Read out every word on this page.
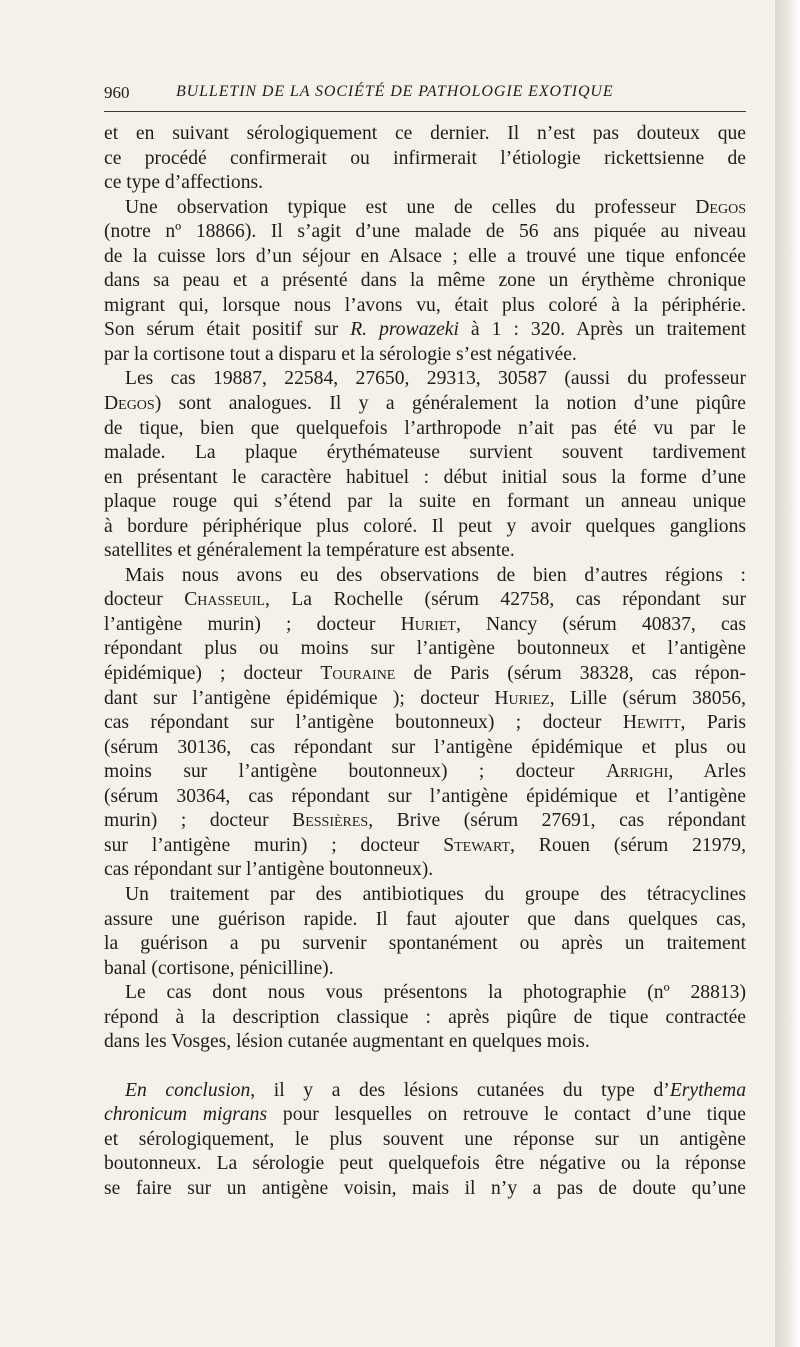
960	BULLETIN DE LA SOCIÉTÉ DE PATHOLOGIE EXOTIQUE
et en suivant sérologiquement ce dernier. Il n’est pas douteux que
ce procédé confirmerait ou infirmerait l’étiologie rickettsienne de
ce type d’affections.
Une observation typique est une de celles du professeur Degos
(notre nº 18866). Il s’agit d’une malade de 56 ans piquée au niveau
de la cuisse lors d’un séjour en Alsace ; elle a trouvé une tique enfoncée
dans sa peau et a présenté dans la même zone un érythème chronique
migrant qui, lorsque nous l’avons vu, était plus coloré à la périphérie.
Son sérum était positif sur R. prowazeki à 1 : 320. Après un traitement
par la cortisone tout a disparu et la sérologie s’est négativée.
Les cas 19887, 22584, 27650, 29313, 30587 (aussi du professeur
Degos) sont analogues. Il y a généralement la notion d’une piqûre
de tique, bien que quelquefois l’arthropode n’ait pas été vu par le
malade. La plaque érythémateuse survient souvent tardivement
en présentant le caractère habituel : début initial sous la forme d’une
plaque rouge qui s’étend par la suite en formant un anneau unique
à bordure périphérique plus coloré. Il peut y avoir quelques ganglions
satellites et généralement la température est absente.
Mais nous avons eu des observations de bien d’autres régions :
docteur Chasseuil, La Rochelle (sérum 42758, cas répondant sur
l’antigène murin) ; docteur Huriet, Nancy (sérum 40837, cas
répondant plus ou moins sur l’antigène boutonneux et l’antigène
épidémique) ; docteur Touraine de Paris (sérum 38328, cas répon-
dant sur l’antigène épidémique ); docteur Huriez, Lille (sérum 38056,
cas répondant sur l’antigène boutonneux) ; docteur Hewitt, Paris
(sérum 30136, cas répondant sur l’antigène épidémique et plus ou
moins sur l’antigène boutonneux) ; docteur Arrighi, Arles
(sérum 30364, cas répondant sur l’antigène épidémique et l’antigène
murin) ; docteur Bessières, Brive (sérum 27691, cas répondant
sur l’antigène murin) ; docteur Stewart, Rouen (sérum 21979,
cas répondant sur l’antigène boutonneux).
Un traitement par des antibiotiques du groupe des tétracyclines
assure une guérison rapide. Il faut ajouter que dans quelques cas,
la guérison a pu survenir spontanément ou après un traitement
banal (cortisone, pénicilline).
Le cas dont nous vous présentons la photographie (nº 28813)
répond à la description classique : après piqûre de tique contractée
dans les Vosges, lésion cutanée augmentant en quelques mois.
En conclusion, il y a des lésions cutanées du type d’Erythema
chronicum migrans pour lesquelles on retrouve le contact d’une tique
et sérologiquement, le plus souvent une réponse sur un antigène
boutonneux. La sérologie peut quelquefois être négative ou la réponse
se faire sur un antigène voisin, mais il n’y a pas de doute qu’une
